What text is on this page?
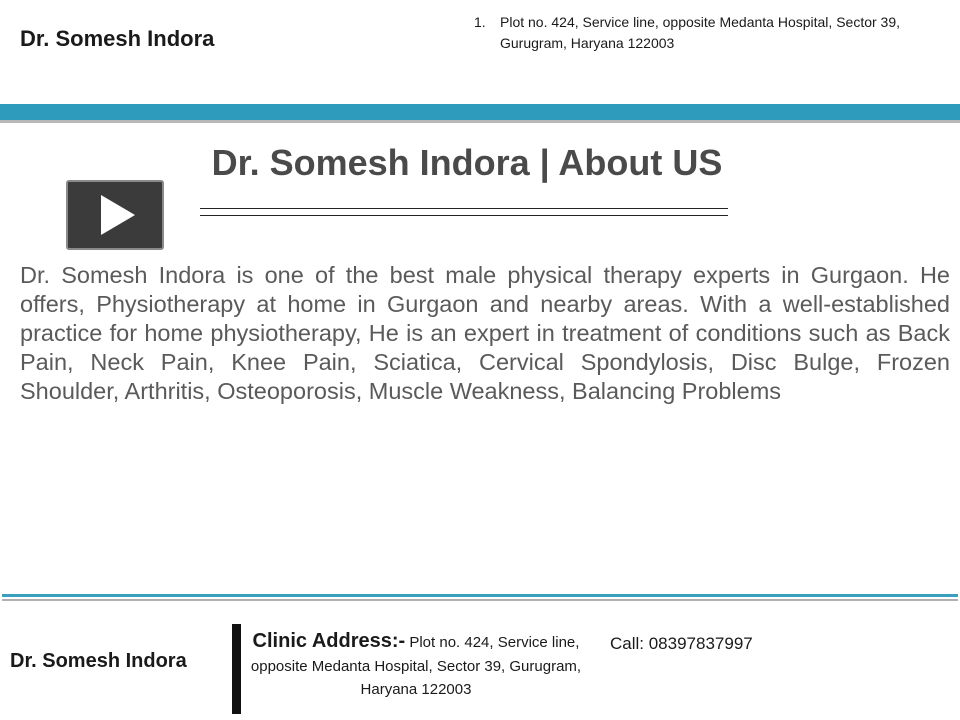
Dr. Somesh Indora
1.	Plot no. 424, Service line, opposite Medanta Hospital, Sector 39, Gurugram, Haryana 122003
Dr. Somesh Indora | About US
Dr. Somesh Indora is one of the best male physical therapy experts in Gurgaon. He offers, Physiotherapy at home in Gurgaon and nearby areas. With a well-established practice for home physiotherapy, He is an expert in treatment of conditions such as Back Pain, Neck Pain, Knee Pain, Sciatica, Cervical Spondylosis, Disc Bulge, Frozen Shoulder, Arthritis, Osteoporosis, Muscle Weakness, Balancing Problems
Dr. Somesh Indora
Clinic Address:- Plot no. 424, Service line, opposite Medanta Hospital, Sector 39, Gurugram, Haryana 122003
Call: 08397837997
